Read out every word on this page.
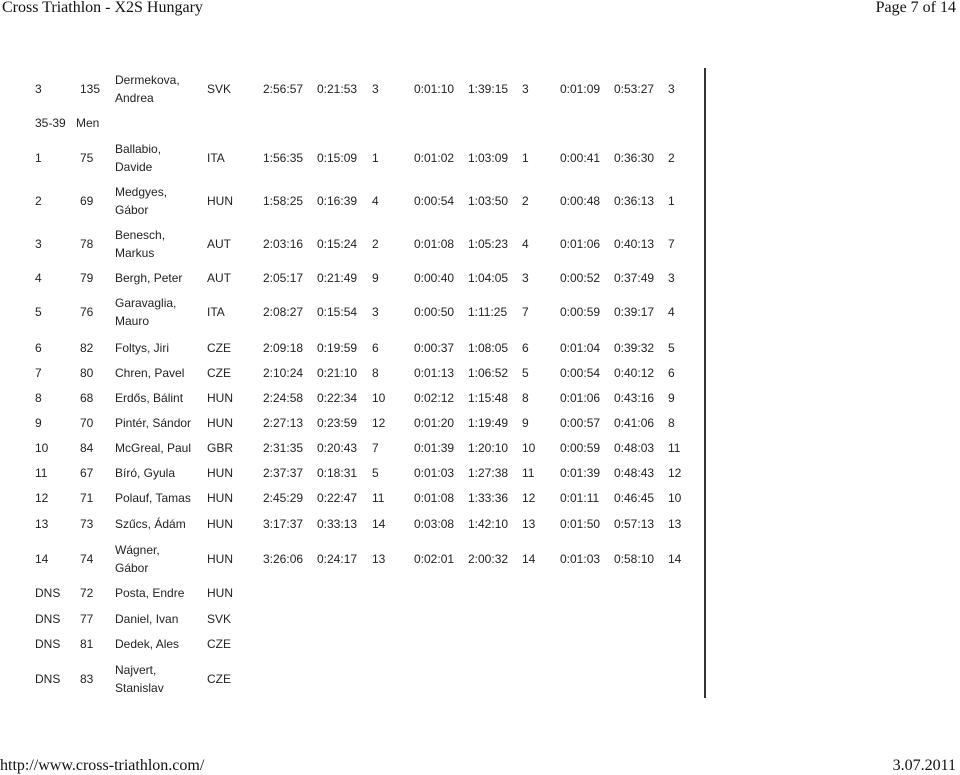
Cross Triathlon - X2S Hungary	Page 7 of 14
3	135
Dermekova,
Andrea
SVK	2:56:57 0:21:53 3	0:01:10 1:39:15 3	0:01:09 0:53:27 3
35-39 Men
1	75
Ballabio,
Davide
ITA	1:56:35 0:15:09 1	0:01:02 1:03:09 1	0:00:41 0:36:30 2
2	69
Medgyes,
Gábor
HUN	1:58:25 0:16:39 4	0:00:54 1:03:50 2	0:00:48 0:36:13 1
3	78
Benesch,
Markus
AUT	2:03:16 0:15:24 2	0:01:08 1:05:23 4	0:01:06 0:40:13 7
4	79 Bergh, Peter AUT	2:05:17 0:21:49 9	0:00:40 1:04:05 3	0:00:52 0:37:49 3
5	76
Garavaglia,
Mauro
ITA	2:08:27 0:15:54 3	0:00:50 1:11:25 7	0:00:59 0:39:17 4
6	82 Foltys, Jiri	CZE	2:09:18 0:19:59 6	0:00:37 1:08:05 6	0:01:04 0:39:32 5
7	80 Chren, Pavel CZE	2:10:24 0:21:10 8	0:01:13 1:06:52 5	0:00:54 0:40:12 6
8	68 Erdős, Bálint HUN	2:24:58 0:22:34 10 0:02:12 1:15:48 8	0:01:06 0:43:16 9
9	70 Pintér, Sándor HUN	2:27:13 0:23:59 12 0:01:20 1:19:49 9	0:00:57 0:41:06 8
10	84 McGreal, Paul GBR 2:31:35 0:20:43 7	0:01:39 1:20:10 10 0:00:59 0:48:03 11
11	67 Bíró, Gyula	HUN	2:37:37 0:18:31 5	0:01:03 1:27:38 11 0:01:39 0:48:43 12
12	71 Polauf, Tamas HUN	2:45:29 0:22:47 11 0:01:08 1:33:36 12 0:01:11 0:46:45 10
13	73 Szűcs, Ádám HUN	3:17:37 0:33:13 14 0:03:08 1:42:10 13 0:01:50 0:57:13 13
14	74
Wágner,
Gábor
HUN	3:26:06 0:24:17 13 0:02:01 2:00:32 14 0:01:03 0:58:10 14
DNS 72 Posta, Endre HUN
DNS 77 Daniel, Ivan SVK
DNS 81 Dedek, Ales CZE
DNS 83
Najvert,
Stanislav
CZE
http://www.cross-triathlon.com/	3.07.2011
